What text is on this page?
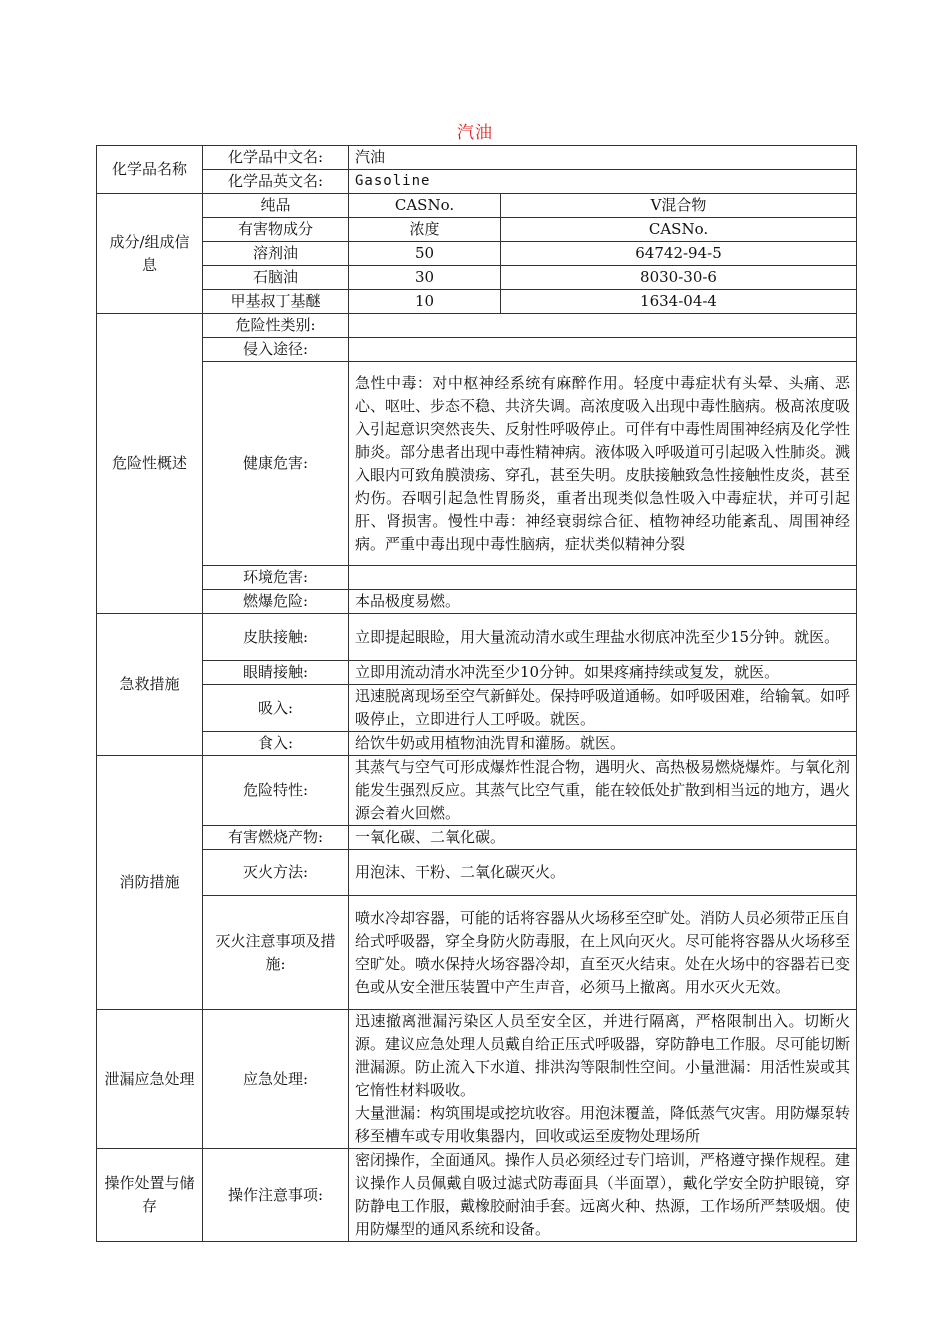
汽油
化学品名称	化学品中文名:	汽油	
	化学品英文名:	Gasoline	
成分/组成信息	纯品	CASNo.	V混合物
	有害物成分	浓度	CASNo.
	溶剂油	50	64742-94-5
	石脑油	30	8030-30-6
	甲基叔丁基醚	10	1634-04-4
危险性概述	危险性类别:		
	侵入途径:		
	健康危害:	急性中毒：对中枢神经系统有麻醉作用。轻度中毒症状有头晕、头痛、恶心、呕吐、步态不稳、共济失调。高浓度吸入出现中毒性脑病。极髙浓度吸入引起意识突然丧失、反射性呼吸停止。可伴有中毒性周围神经病及化学性肺炎。部分患者出现中毒性精神病。液体吸入呼吸道可引起吸入性肺炎。溅入眼内可致角膜溃疡、穿孔，甚至失明。皮肤接触致急性接触性皮炎，甚至灼伤。吞咽引起急性胃肠炎，重者出现类似急性吸入中毒症状，并可引起肝、肾损害。慢性中毒：神经衰弱综合征、植物神经功能紊乱、周围神经病。严重中毒出现中毒性脑病，症状类似精神分裂	
	环境危害:		
	燃爆危险:	本品极度易燃。	
急救措施	皮肤接触:	立即提起眼睑，用大量流动清水或生理盐水彻底冲洗至少15分钟。就医。	
	眼睛接触:	立即用流动清水冲洗至少10分钟。如果疼痛持续或复发，就医。	
	吸入:	迅速脱离现场至空气新鲜处。保持呼吸道通畅。如呼吸困难，给输氧。如呼吸停止，立即进行人工呼吸。就医。	
	食入:	给饮牛奶或用植物油洗胃和灌肠。就医。	
消防措施	危险特性:	其蒸气与空气可形成爆炸性混合物，遇明火、高热极易燃烧爆炸。与氧化剂能发生强烈反应。其蒸气比空气重，能在较低处扩散到相当远的地方，遇火源会着火回燃。	
	有害燃烧产物:	一氧化碳、二氧化碳。	
	灭火方法:	用泡沫、干粉、二氧化碳灭火。	
	灭火注意事项及措施:	喷水冷却容器，可能的话将容器从火场移至空旷处。消防人员必须带正压自给式呼吸器，穿全身防火防毒服，在上风向灭火。尽可能将容器从火场移至空旷处。喷水保持火场容器冷却，直至灭火结束。处在火场中的容器若已变色或从安全泄压装置中产生声音，必须马上撤离。用水灭火无效。	
泄漏应急处理	应急处理:	迅速撤离泄漏污染区人员至安全区，并进行隔离，严格限制出入。切断火源。建议应急处理人员戴自给正压式呼吸器，穿防静电工作服。尽可能切断泄漏源。防止流入下水道、排洪沟等限制性空间。小量泄漏：用活性炭或其它惰性材料吸收。
大量泄漏：构筑围堤或挖坑收容。用泡沫覆盖，降低蒸气灾害。用防爆泵转移至槽车或专用收集器内，回收或运至废物处理场所	
操作处置与储存	操作注意事项:	密闭操作，全面通风。操作人员必须经过专门培训，严格遵守操作规程。建议操作人员佩戴自吸过滤式防毒面具（半面罩），戴化学安全防护眼镜，穿防静电工作服，戴橡胶耐油手套。远离火种、热源，工作场所严禁吸烟。使用防爆型的通风系统和设备。	
